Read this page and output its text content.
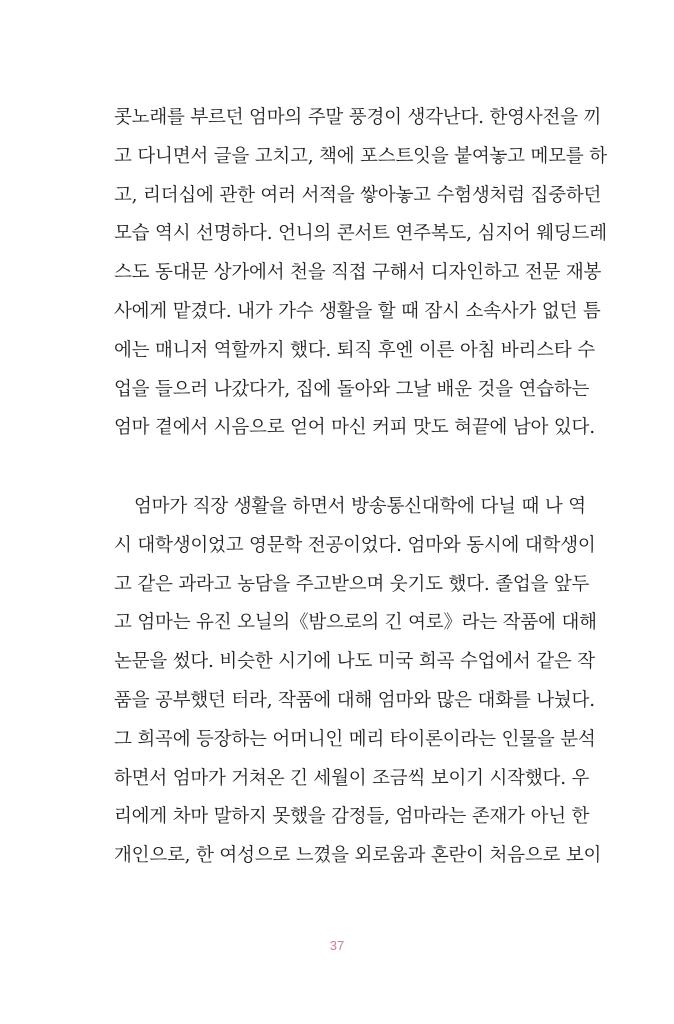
콧노래를 부르던 엄마의 주말 풍경이 생각난다. 한영사전을 끼
고 다니면서 글을 고치고, 책에 포스트잇을 붙여놓고 메모를 하
고, 리더십에 관한 여러 서적을 쌓아놓고 수험생처럼 집중하던
모습 역시 선명하다. 언니의 콘서트 연주복도, 심지어 웨딩드레
스도 동대문 상가에서 천을 직접 구해서 디자인하고 전문 재봉
사에게 맡겼다. 내가 가수 생활을 할 때 잠시 소속사가 없던 틈
에는 매니저 역할까지 했다. 퇴직 후엔 이른 아침 바리스타 수
업을 들으러 나갔다가, 집에 돌아와 그날 배운 것을 연습하는
엄마 곁에서 시음으로 얻어 마신 커피 맛도 혀끝에 남아 있다.
엄마가 직장 생활을 하면서 방송통신대학에 다닐 때 나 역
시 대학생이었고 영문학 전공이었다. 엄마와 동시에 대학생이
고 같은 과라고 농담을 주고받으며 웃기도 했다. 졸업을 앞두
고 엄마는 유진 오닐의《밤으로의 긴 여로》라는 작품에 대해
논문을 썼다. 비슷한 시기에 나도 미국 희곡 수업에서 같은 작
품을 공부했던 터라, 작품에 대해 엄마와 많은 대화를 나눴다.
그 희곡에 등장하는 어머니인 메리 타이론이라는 인물을 분석
하면서 엄마가 거쳐온 긴 세월이 조금씩 보이기 시작했다. 우
리에게 차마 말하지 못했을 감정들, 엄마라는 존재가 아닌 한
개인으로, 한 여성으로 느꼈을 외로움과 혼란이 처음으로 보이
37
